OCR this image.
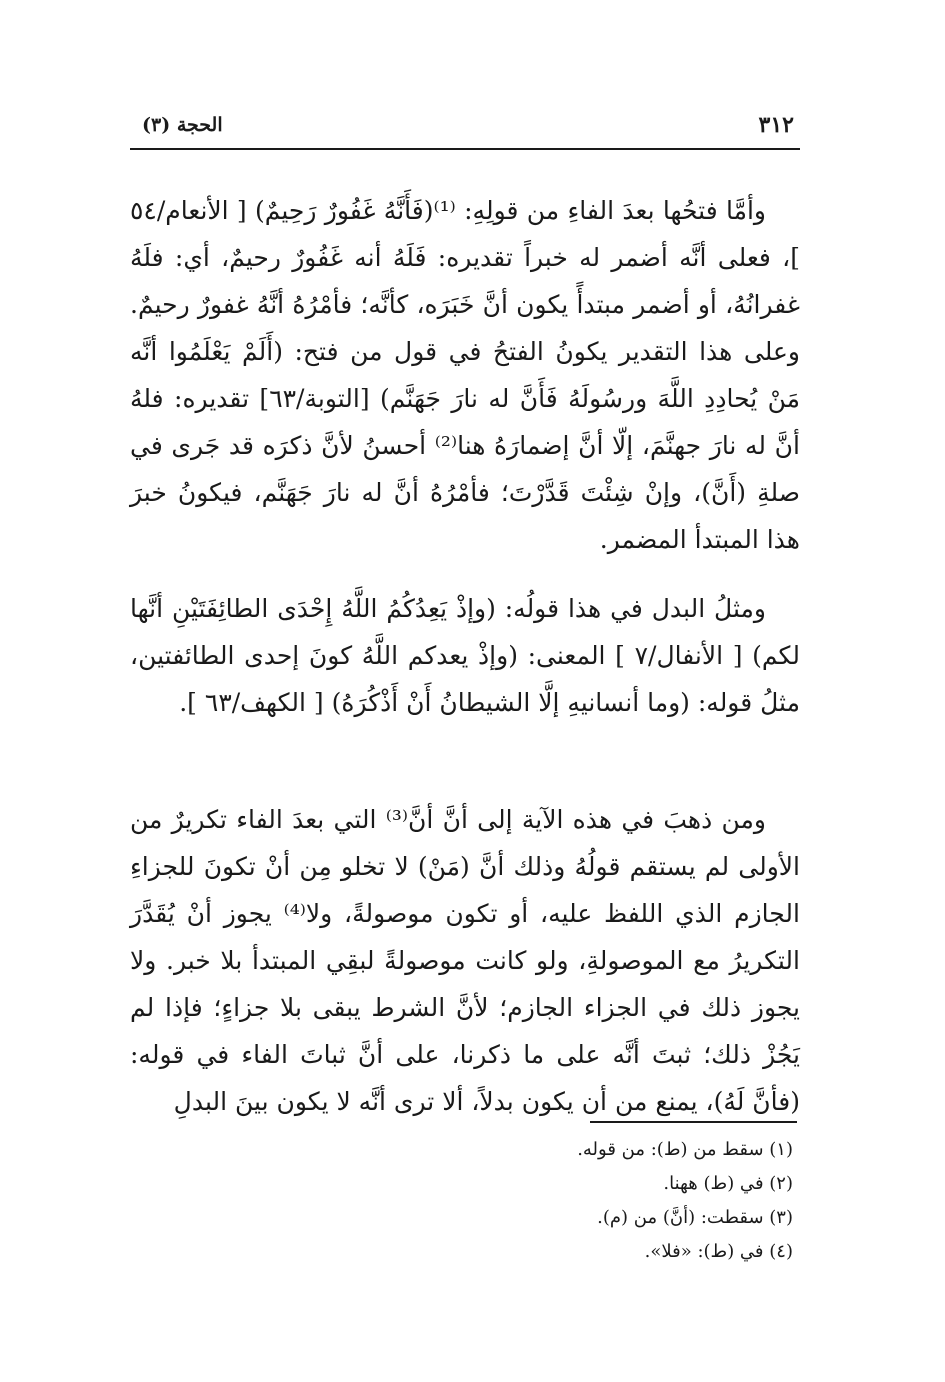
الحجة (٣)	٣١٢

وأمَّا فتحُها بعدَ الفاءِ من قولِهِ: ⁽¹⁾(فَأَنَّهُ غَفُورٌ رَحِيمٌ) [ الأنعام/٥٤ ]، فعلى أنَّه أضمر له خبراً تقديره: فَلَهُ أنه غَفُورٌ رحيمٌ، أي: فلَهُ غفرانُهُ، أو أضمر مبتدأً يكون أنَّ خَبَرَه، كأنَّه؛ فأمْرُهُ أنَّهُ غفورٌ رحيمٌ. وعلى هذا التقدير يكونُ الفتحُ في قول من فتح: (أَلَمْ يَعْلَمُوا أنَّه مَنْ يُحادِدِ اللَّهَ ورسُولَهُ فَأَنَّ له نارَ جَهَنَّم) [التوبة/٦٣] تقديره: فلهُ أنَّ له نارَ جهنَّمَ، إلّا أنَّ إضمارَهُ هنا⁽²⁾ أحسنُ لأنَّ ذكرَه قد جَرى في صلةِ (أَنَّ)، وإنْ شِئْتَ قَدَّرْتَ؛ فأمْرُهُ أنَّ له نارَ جَهَنَّم، فيكونُ خبرَ هذا المبتدأ المضمر.

ومثلُ البدل في هذا قولُه: (وإذْ يَعِدُكُمُ اللَّهُ إِحْدَى الطائِفَتَيْنِ أنَّها لكم) [ الأنفال/٧ ] المعنى: (وإذْ يعدكم اللَّهُ كونَ إحدى الطائفتين، مثلُ قوله: (وما أنسانيهِ إلَّا الشيطانُ أَنْ أَذْكُرَهُ) [ الكهف/٦٣ ].

ومن ذهبَ في هذه الآية إلى أنَّ أنَّ⁽³⁾ التي بعدَ الفاء تكريرٌ من الأولى لم يستقم قولُهُ وذلك أنَّ (مَنْ) لا تخلو مِن أنْ تكونَ للجزاءِ الجازم الذي اللفظ عليه، أو تكون موصولةً، ولا⁽⁴⁾ يجوز أنْ يُقَدَّرَ التكريرُ مع الموصولةِ، ولو كانت موصولةً لبقِي المبتدأ بلا خبر. ولا يجوز ذلك في الجزاء الجازم؛ لأنَّ الشرط يبقى بلا جزاءٍ؛ فإذا لم يَجُزْ ذلك؛ ثبتَ أنَّه على ما ذكرنا، على أنَّ ثباتَ الفاء في قوله: (فأنَّ لَهُ)، يمنع من أن يكون بدلاً، ألا ترى أنَّه لا يكون بينَ البدلِ

(١) سقط من (ط): من قوله.
(٢) في (ط) ههنا.
(٣) سقطت: (أنَّ) من (م).
(٤) في (ط): «فلا».
